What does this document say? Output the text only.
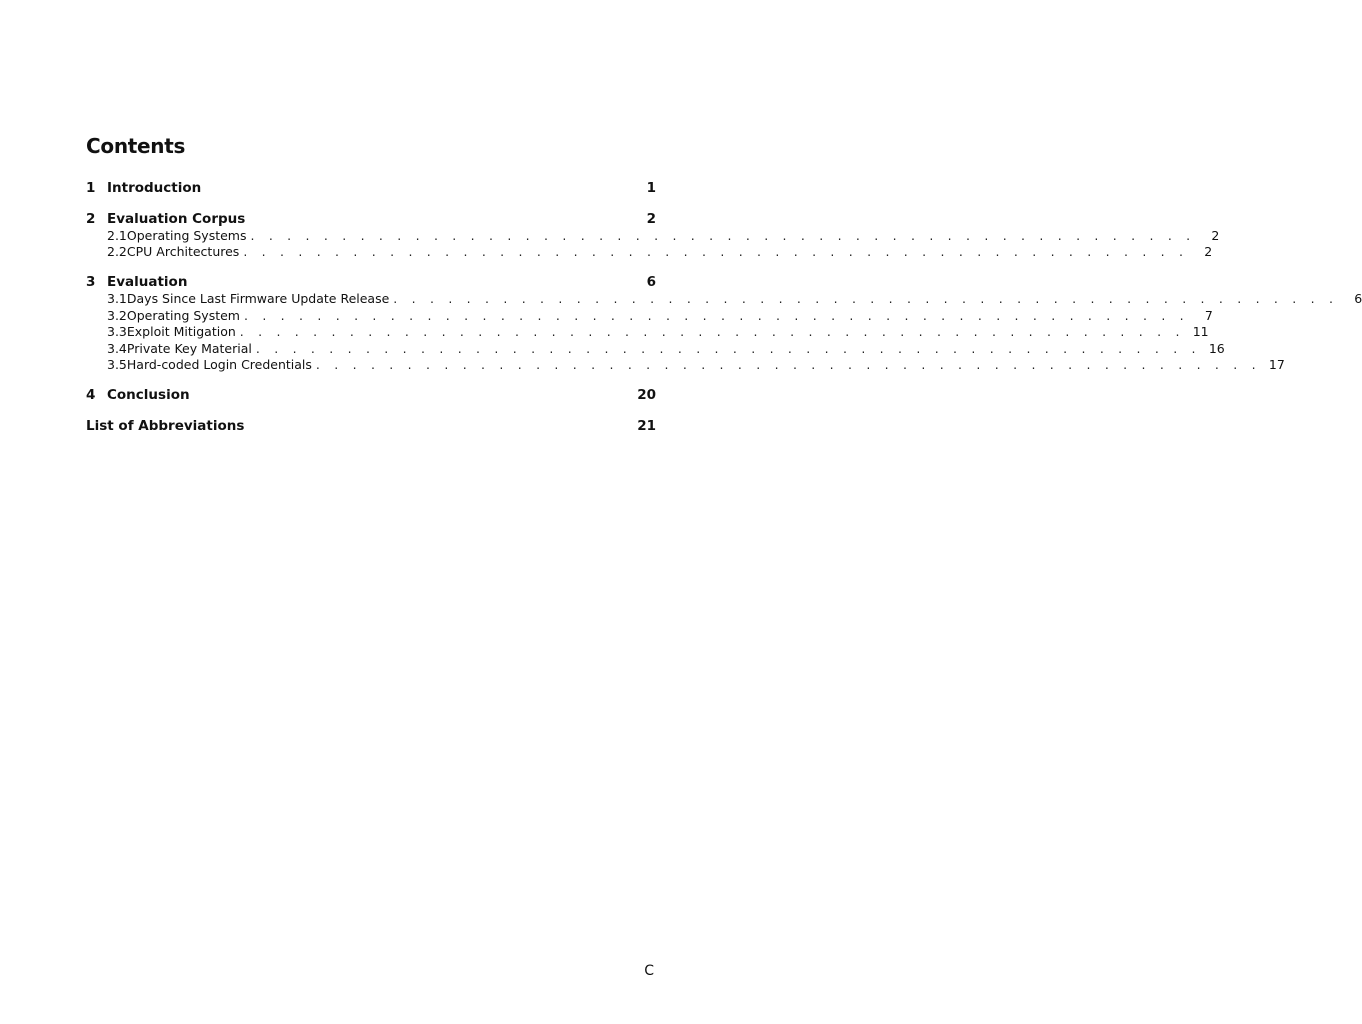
Contents
1 Introduction	1
2 Evaluation Corpus	2
2.1 Operating Systems . . . . . . . . . . . . . . . . . . . . . . . . . . . . . . . . . . . . . . . . . . . . . . . . . . . .	2
2.2 CPU Architectures . . . . . . . . . . . . . . . . . . . . . . . . . . . . . . . . . . . . . . . . . . . . . . . . . . . .	2
3 Evaluation	6
3.1 Days Since Last Firmware Update Release . . . . . . . . . . . . . . . . . . . . . . . . . . . . . . . . . . . . . . . . . . . . . . . . . . . .	6
3.2 Operating System . . . . . . . . . . . . . . . . . . . . . . . . . . . . . . . . . . . . . . . . . . . . . . . . . . . .	7
3.3 Exploit Mitigation . . . . . . . . . . . . . . . . . . . . . . . . . . . . . . . . . . . . . . . . . . . . . . . . . . . . 11
3.4 Private Key Material . . . . . . . . . . . . . . . . . . . . . . . . . . . . . . . . . . . . . . . . . . . . . . . . . . . . 16
3.5 Hard-coded Login Credentials . . . . . . . . . . . . . . . . . . . . . . . . . . . . . . . . . . . . . . . . . . . . . . . . . . . . 17
4 Conclusion	20
List of Abbreviations	21
C
